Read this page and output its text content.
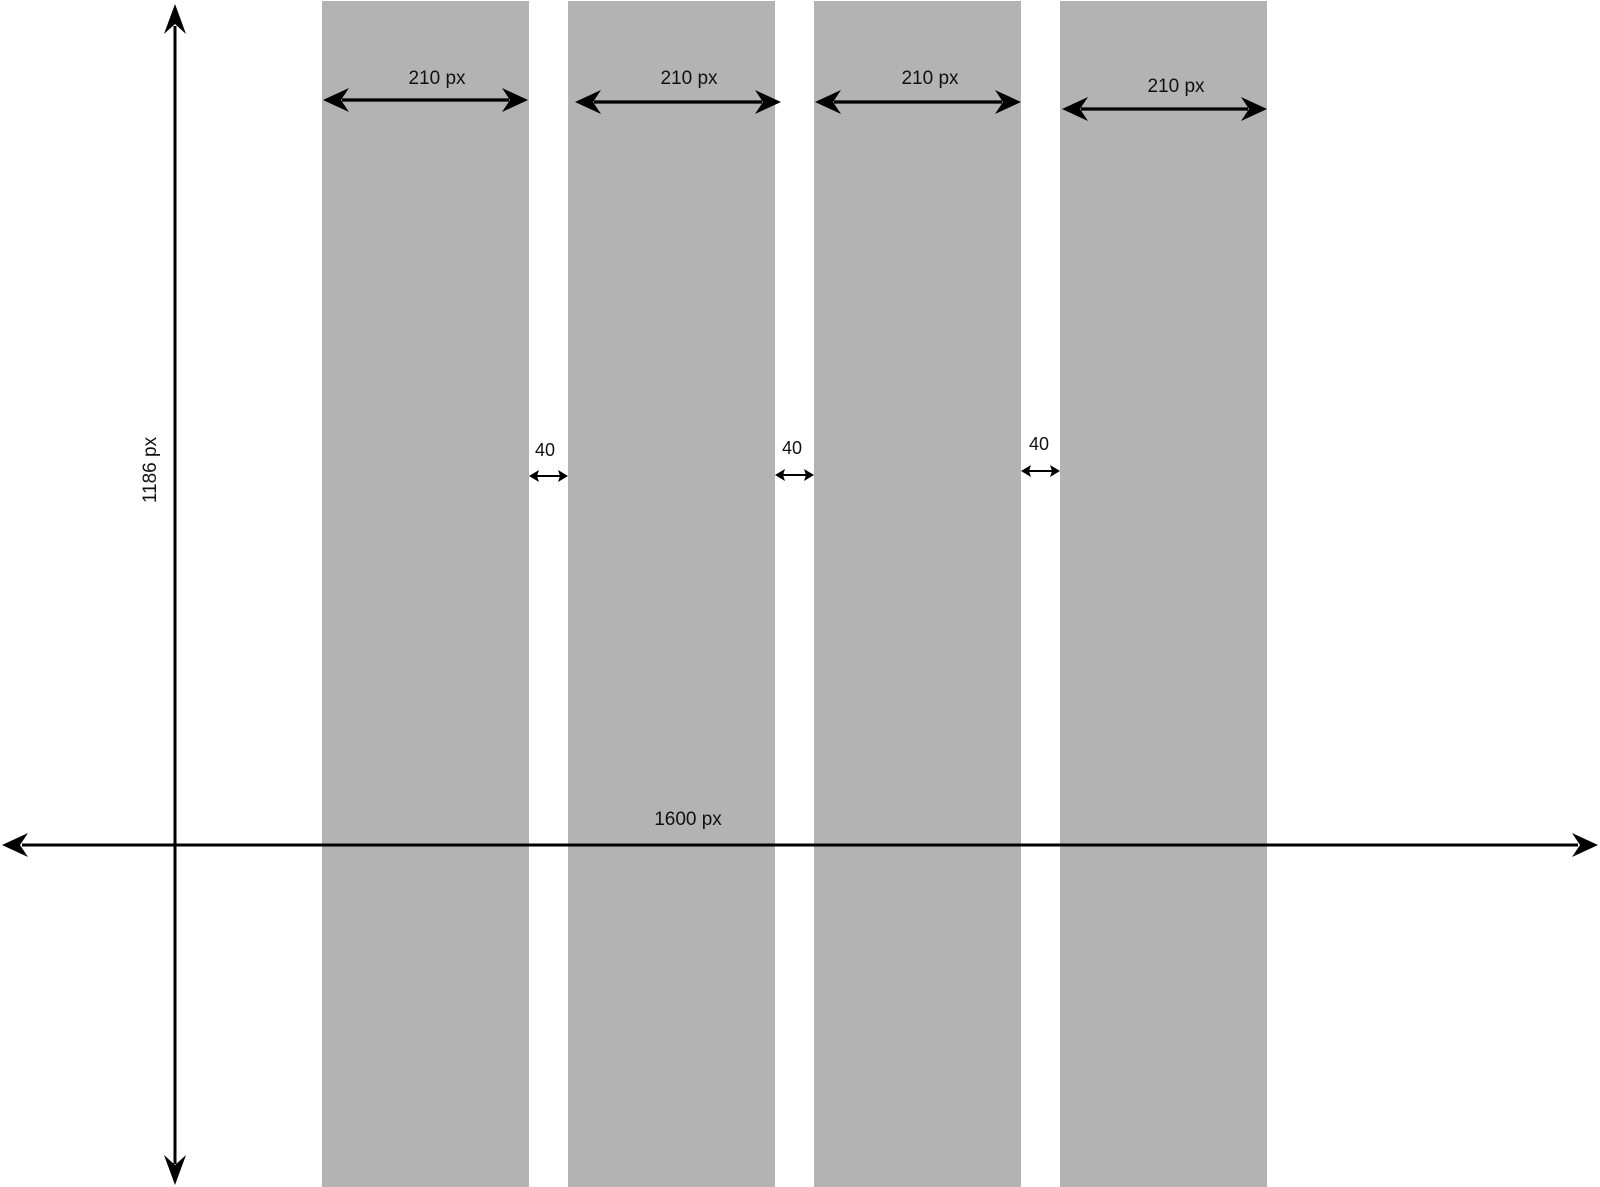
1186 px
1600 px
210 px	210 px	210 px	210 px
40	40	40
